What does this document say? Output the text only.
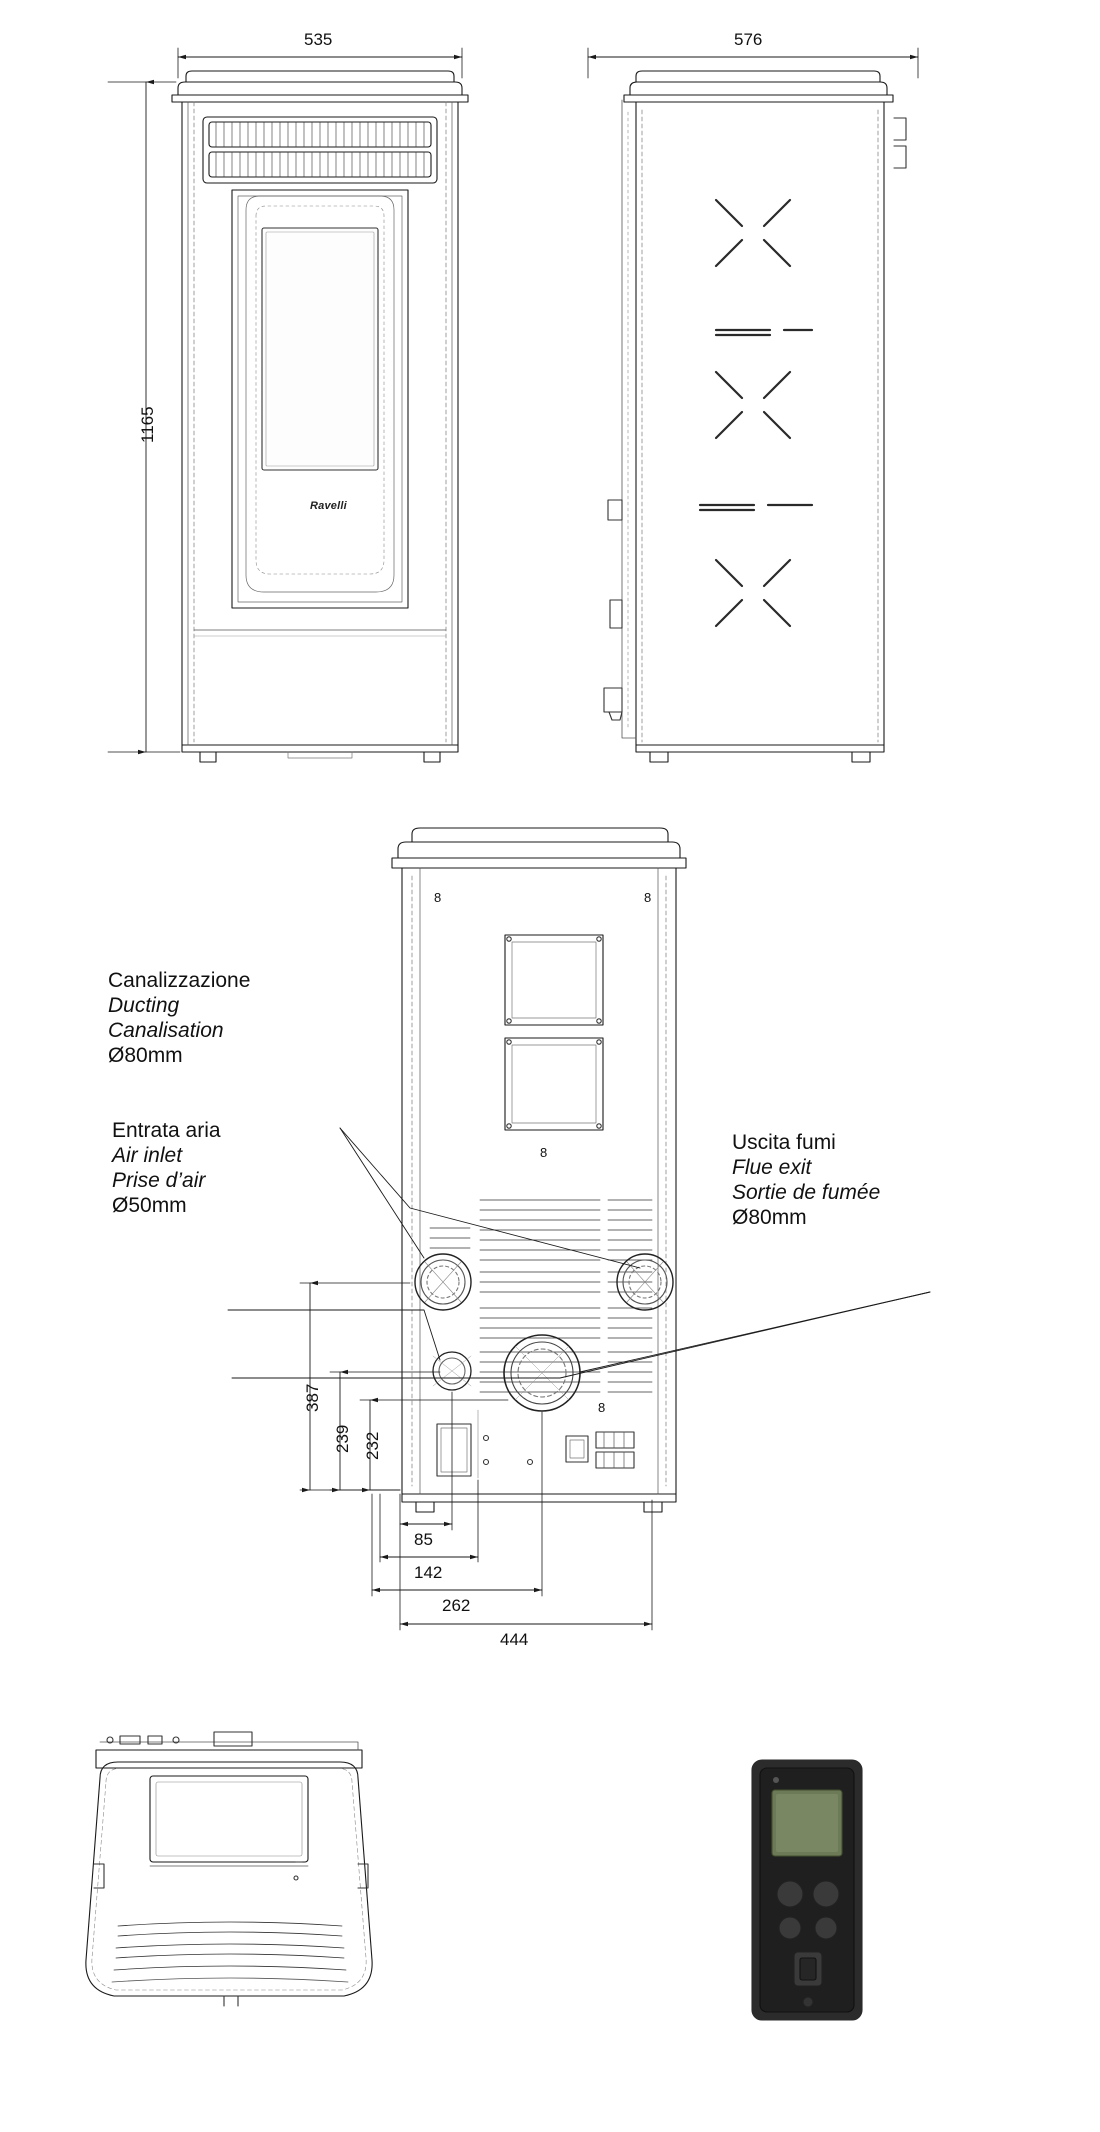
535
1165
576
387
239 232
85
142
262
444
8	8
8
8
Ravelli
Canalizzazione
Ducting
Canalisation
Ø80mm
Entrata aria
Air inlet
Prise d’air
Ø50mm
Uscita fumi
Flue exit
Sortie de fumée
Ø80mm
